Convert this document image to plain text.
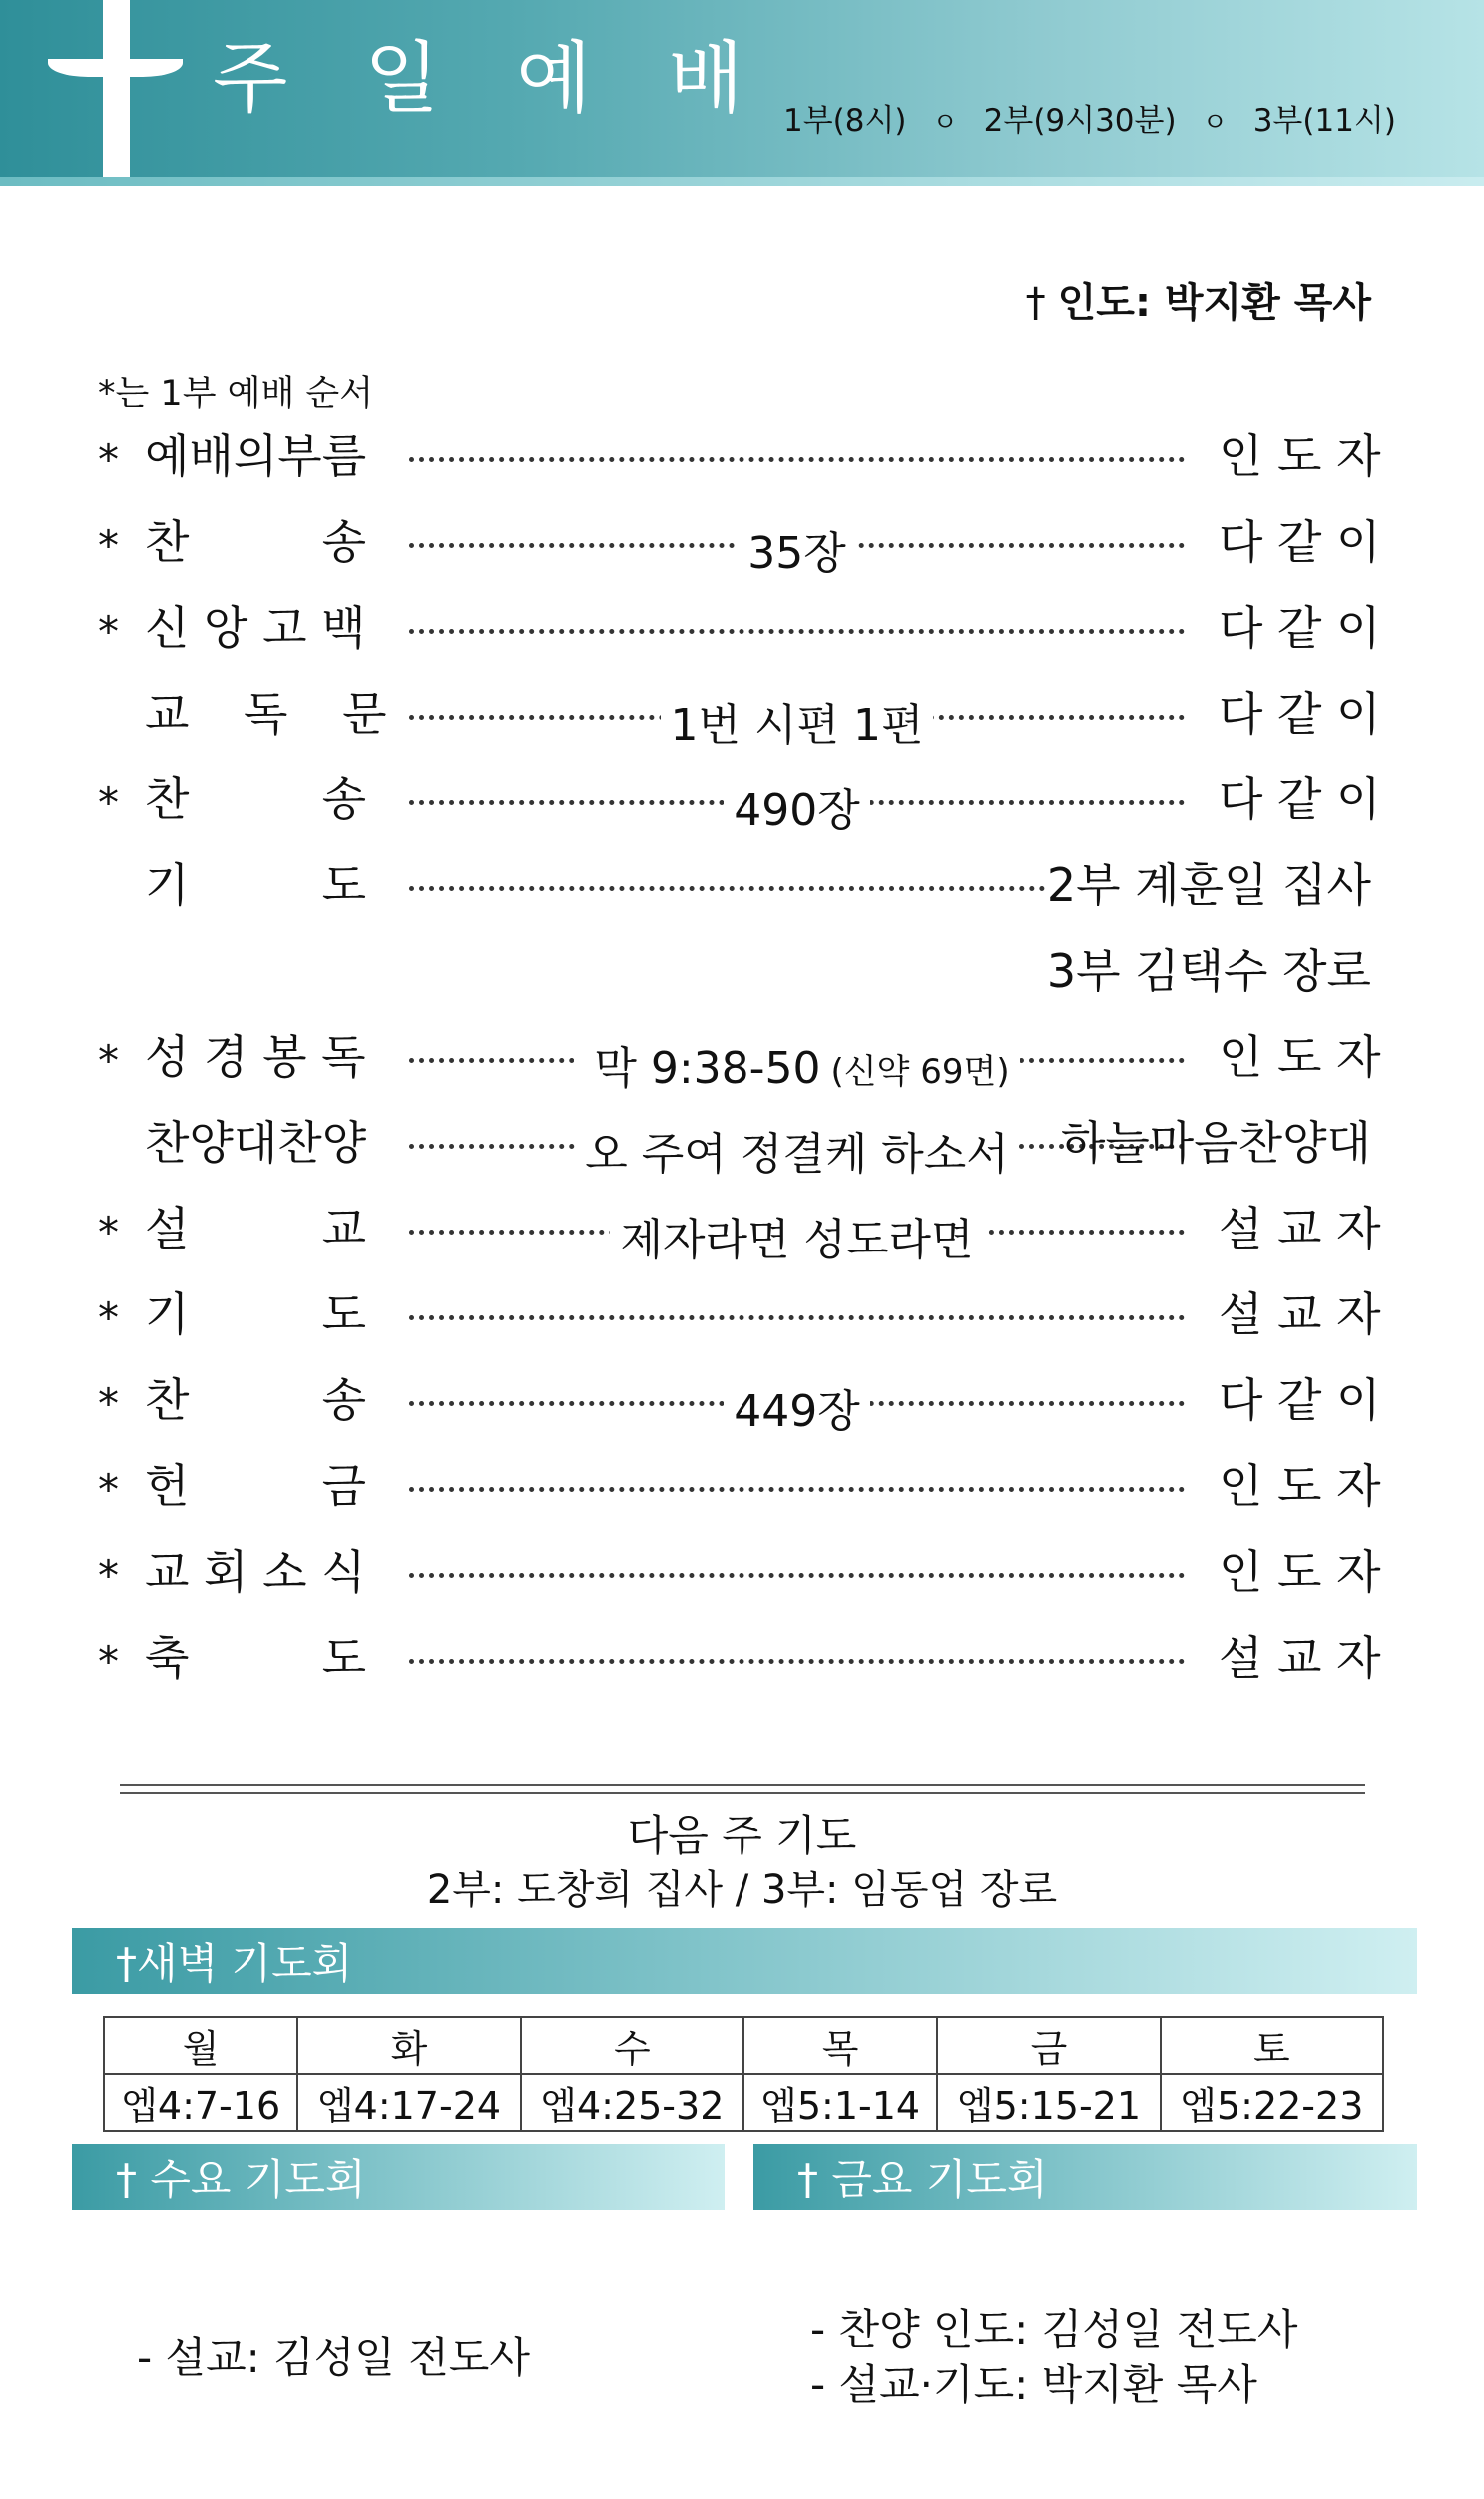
주 일 예 배 1부(8시) ㅇ 2부(9시30분) ㅇ 3부(11시)
† 인도: 박지환 목사
*는 1부 예배 순서
* 예배의부름	인 도 자
* 찬	송	35장	다 같 이
* 신 앙 고 백	다 같 이
교 독 문	1번 시편 1편	다 같 이
* 찬	송	490장	다 같 이
기	도	2부 계훈일 집사
3부 김택수 장로
* 성 경 봉 독	막 9:38-50 (신약 69면)	인 도 자
찬양대찬양	오 주여 정결케 하소서	하늘마음찬양대
* 설	교	제자라면 성도라면	설 교 자
* 기	도	설 교 자
* 찬	송	449장	다 같 이
* 헌	금	인 도 자
* 교 회 소 식	인 도 자
* 축	도	설 교 자
다음 주 기도
2부: 도창희 집사 / 3부: 임동업 장로
†새벽 기도회
월	화	수	목	금	토
엡4:7-16	엡4:17-24	엡4:25-32	엡5:1-14	엡5:15-21	엡5:22-23
† 수요 기도회	† 금요 기도회
- 설교: 김성일 전도사
- 찬양 인도: 김성일 전도사
- 설교·기도: 박지환 목사
